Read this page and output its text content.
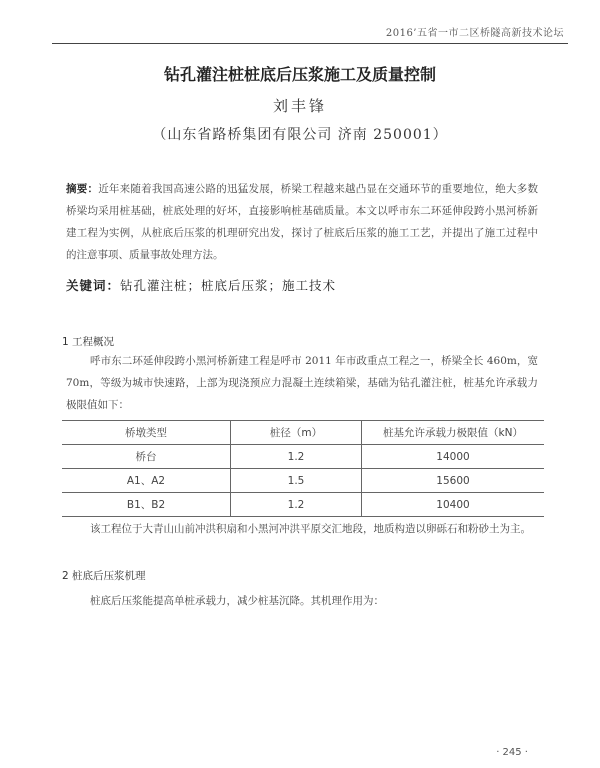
2016’五省一市二区桥隧高新技术论坛
钻孔灌注桩桩底后压浆施工及质量控制
刘丰锋
（山东省路桥集团有限公司 济南 250001）
摘要：近年来随着我国高速公路的迅猛发展，桥梁工程越来越凸显在交通环节的重要地位，绝大多数桥梁均采用桩基础，桩底处理的好坏，直接影响桩基础质量。本文以呼市东二环延伸段跨小黑河桥新建工程为实例，从桩底后压浆的机理研究出发，探讨了桩底后压浆的施工工艺，并提出了施工过程中的注意事项、质量事故处理方法。
关键词：钻孔灌注桩；桩底后压浆；施工技术
1 工程概况
呼市东二环延伸段跨小黑河桥新建工程是呼市 2011 年市政重点工程之一，桥梁全长 460m，宽70m，等级为城市快速路，上部为现浇预应力混凝土连续箱梁，基础为钻孔灌注桩，桩基允许承载力极限值如下：
桥墩类型	桩径（m）	桩基允许承载力极限值（kN）
桥台	1.2	14000
A1、A2	1.5	15600
B1、B2	1.2	10400
该工程位于大青山山前冲洪积扇和小黑河冲洪平原交汇地段，地质构造以卵砾石和粉砂土为主。
2 桩底后压浆机理
桩底后压浆能提高单桩承载力，减少桩基沉降。其机理作用为：
· 245 ·
